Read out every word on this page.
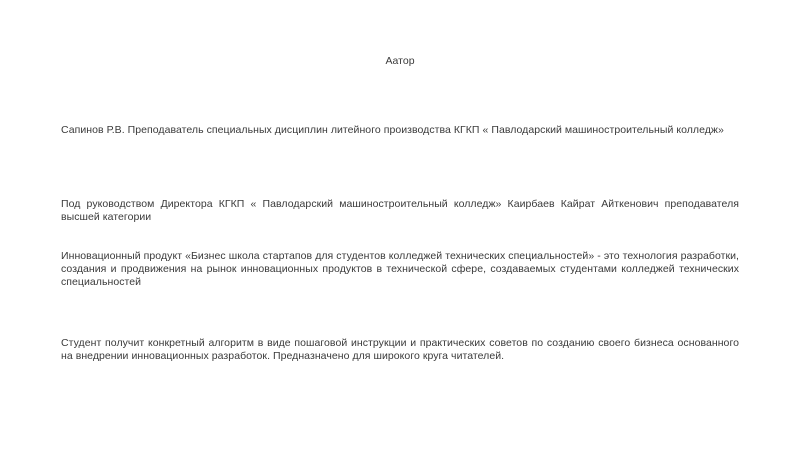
Аатор
Сапинов Р.В. Преподаватель специальных дисциплин литейного производства КГКП « Павлодарский машиностроительный колледж»
Под руководством Директора КГКП « Павлодарский машиностроительный колледж» Каирбаев Кайрат Айткенович преподавателя высшей категории
Инновационный продукт «Бизнес школа стартапов для студентов колледжей технических специальностей» - это технология разработки, создания и продвижения на рынок инновационных продуктов в технической сфере, создаваемых студентами колледжей технических специальностей
Студент получит конкретный алгоритм в виде пошаговой инструкции и практических советов по созданию своего бизнеса основанного на внедрении инновационных разработок. Предназначено для широкого круга читателей.
